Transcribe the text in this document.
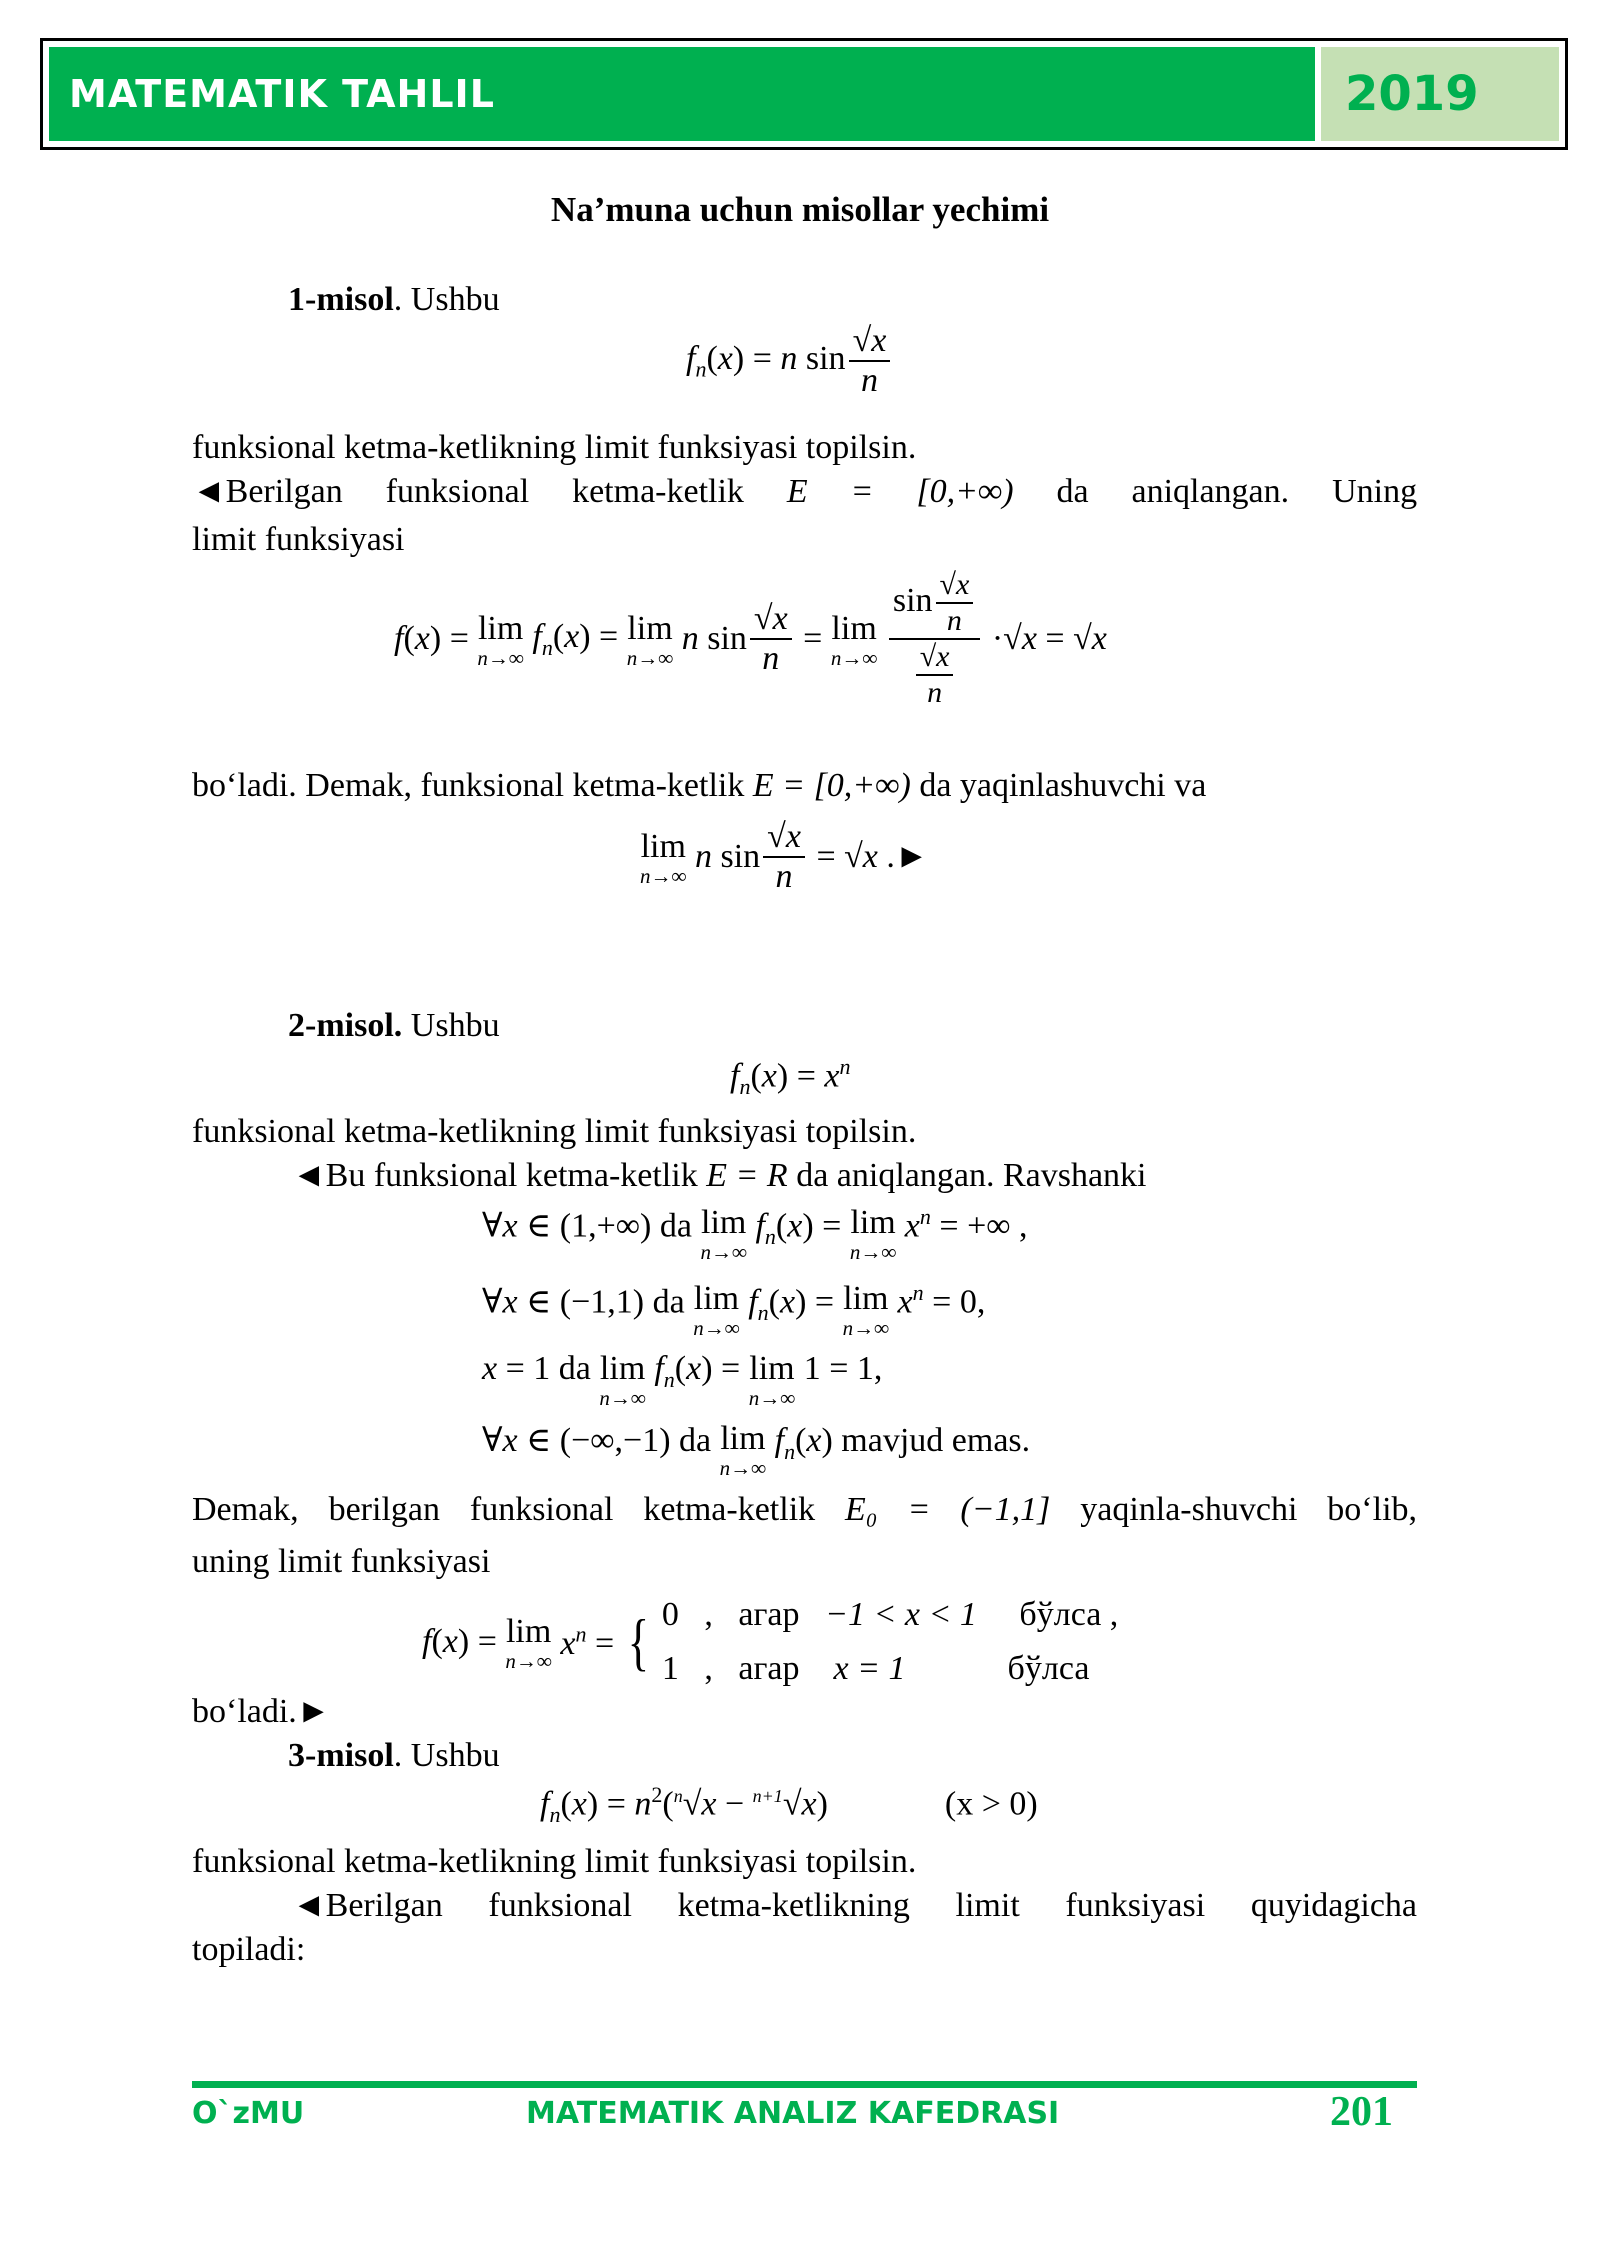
MATEMATIK TAHLIL	2019
Na’muna uchun misollar yechimi
1-misol. Ushbu
$f_n(x) = n$ $\sin \frac{√x}{n}$
funksional ketma-ketlikning limit funksiyasi topilsin.
◄Berilgan funksional ketma-ketlik E = [0,+∞) da aniqlangan. Uning
limit funksiyasi
f(x) = lim
n→∞
$f_n(x) = \lim$
n→∞
n $\sin \frac{√x}{n} = \lim$
n→∞
$\frac{\sin \frac{√x}{n}}{\frac{√x}{n}} \cdot√x = √x$
bo‘ladi. Demak, funksional ketma-ketlik E = [0,+∞) da yaqinlashuvchi va
lim
n→∞
n $\sin \frac{√x}{n} = √x$ .►
2-misol. Ushbu
$f_n(x) = x^n$
funksional ketma-ketlikning limit funksiyasi topilsin.
◄Bu funksional ketma-ketlik E = R da aniqlangan. Ravshanki
∀x ∈ (1,+∞) da lim
n→∞
$f_n(x) = \lim$
n→∞
$x^n$ = +∞ ,
∀x ∈ (−1,1) da lim
n→∞
$f_n(x) = \lim$
n→∞
$x^n = 0$,
x = 1 da lim
n→∞
$f_n(x) = \lim$
n→∞
1 = 1,
∀x ∈ (−∞,−1) da lim
n→∞
$f_n(x)$ mavjud emas.
Demak, berilgan funksional ketma-ketlik E₀ = (−1,1] yaqinla-shuvchi bo‘lib,
uning limit funksiyasi
f(x) = lim
n→∞ $x^n$ = { 0 , агар −1 < x < 1 бўлса ,
1 , агар x = 1	бўлса
bo‘ladi.►
3-misol. Ushbu
$f_n(x) = n^2(^n√x - ^{n+1}√x)$	(x > 0)
funksional ketma-ketlikning limit funksiyasi topilsin.
◄Berilgan funksional ketma-ketlikning limit funksiyasi quyidagicha
topiladi:
O`zMU	MATEMATIK ANALIZ KAFEDRASI	201
